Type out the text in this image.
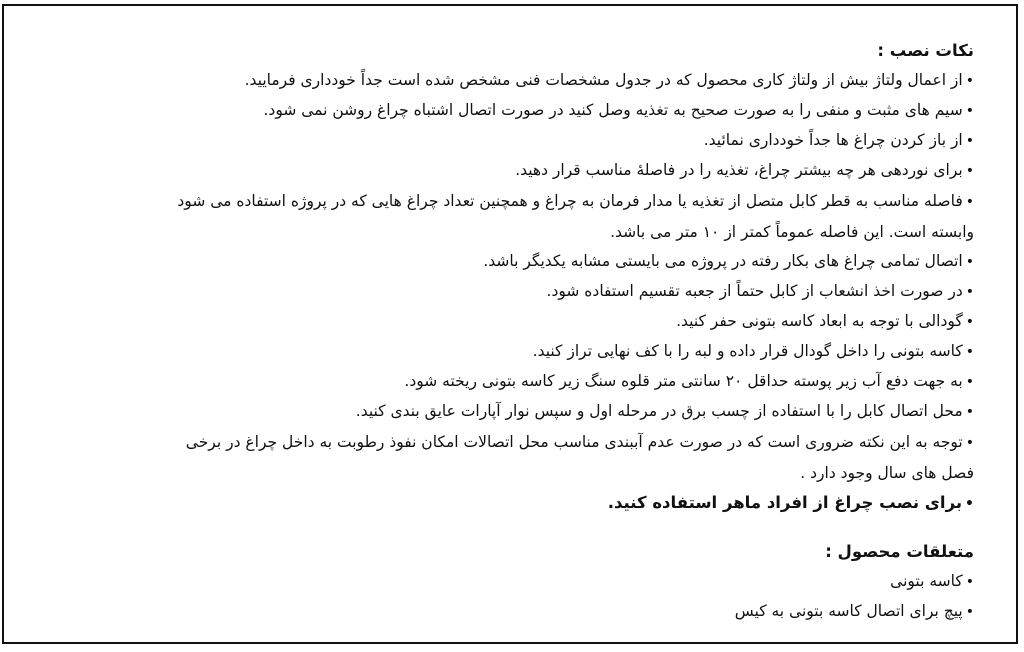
نکات نصب :
•از اعمال ولتاژ بیش از ولتاژ کاری محصول که در جدول مشخصات فنی مشخص شده است جداً خودداری فرمایید.
•سیم های مثبت و منفی را به صورت صحیح به تغذیه وصل کنید در صورت اتصال اشتباه چراغ روشن نمی شود.
•از باز کردن چراغ ها جداً خودداری نمائید.
•برای نوردهی هر چه بیشتر چراغ، تغذیه را در فاصلهٔ مناسب قرار دهید.
•فاصله مناسب به قطر کابل متصل از تغذیه یا مدار فرمان به چراغ و همچنین تعداد چراغ هایی که در پروژه استفاده می شود وابسته است. این فاصله عموماً کمتر از ۱۰ متر می باشد.
•اتصال تمامی چراغ های بکار رفته در پروژه می بایستی مشابه یکدیگر باشد.
•در صورت اخذ انشعاب از کابل حتماً از جعبه تقسیم استفاده شود.
•گودالی با توجه به ابعاد کاسه بتونی حفر کنید.
•کاسه بتونی را داخل گودال قرار داده و لبه را با کف نهایی تراز کنید.
•به جهت دفع آب زیر پوسته حداقل ۲۰ سانتی متر قلوه سنگ زیر کاسه بتونی ریخته شود.
•محل اتصال کابل را با استفاده از چسب برق در مرحله اول و سپس نوار آپارات عایق بندی کنید.
•توجه به این نکته ضروری است که در صورت عدم آببندی مناسب محل اتصالات امکان نفوذ رطوبت به داخل چراغ در برخی فصل های سال وجود دارد .
•برای نصب چراغ از افراد ماهر استفاده کنید.
متعلقات محصول :
•کاسه بتونی
•پیچ برای اتصال کاسه بتونی به کیس
